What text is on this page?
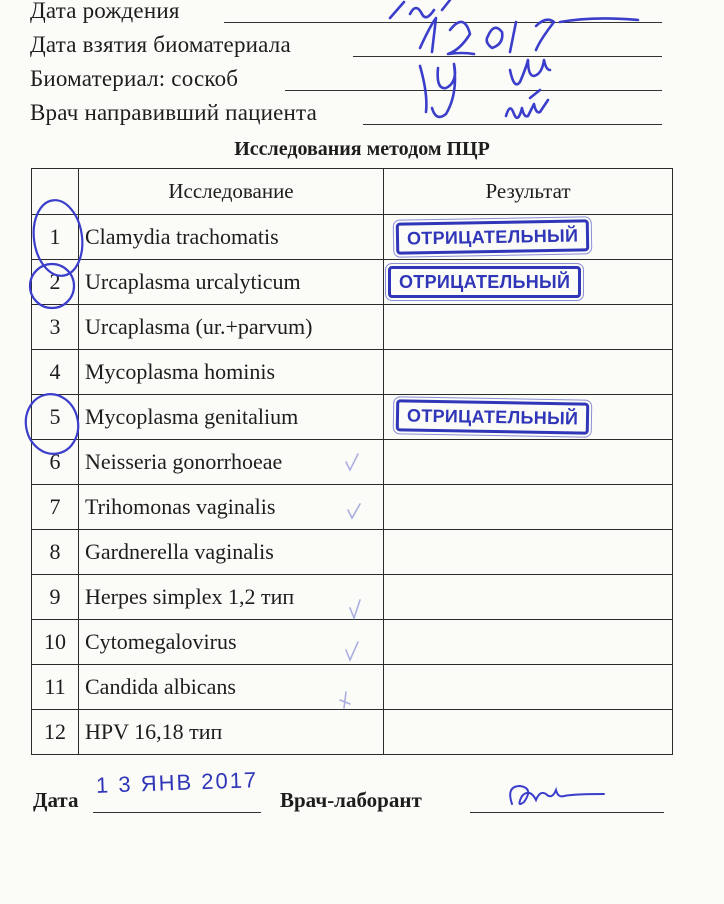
Дата рождения
Дата взятия биоматериала
Биоматериал: соскоб
Врач направивший пациента
Исследования методом ПЦР
	Исследование	Результат
1	Clamydia trachomatis	ОТРИЦАТЕЛЬНЫЙ
2	Urcaplasma urcalyticum	ОТРИЦАТЕЛЬНЫЙ
3	Urcaplasma (ur.+parvum)	
4	Mycoplasma hominis	
5	Mycoplasma genitalium	ОТРИЦАТЕЛЬНЫЙ
6	Neisseria gonorrhoeae	
7	Trihomonas vaginalis	
8	Gardnerella vaginalis	
9	Herpes simplex 1,2 тип	
10	Cytomegalovirus	
11	Candida albicans	
12	HPV 16,18 тип	
Дата
1 3 ЯНВ 2017
Врач-лаборант
